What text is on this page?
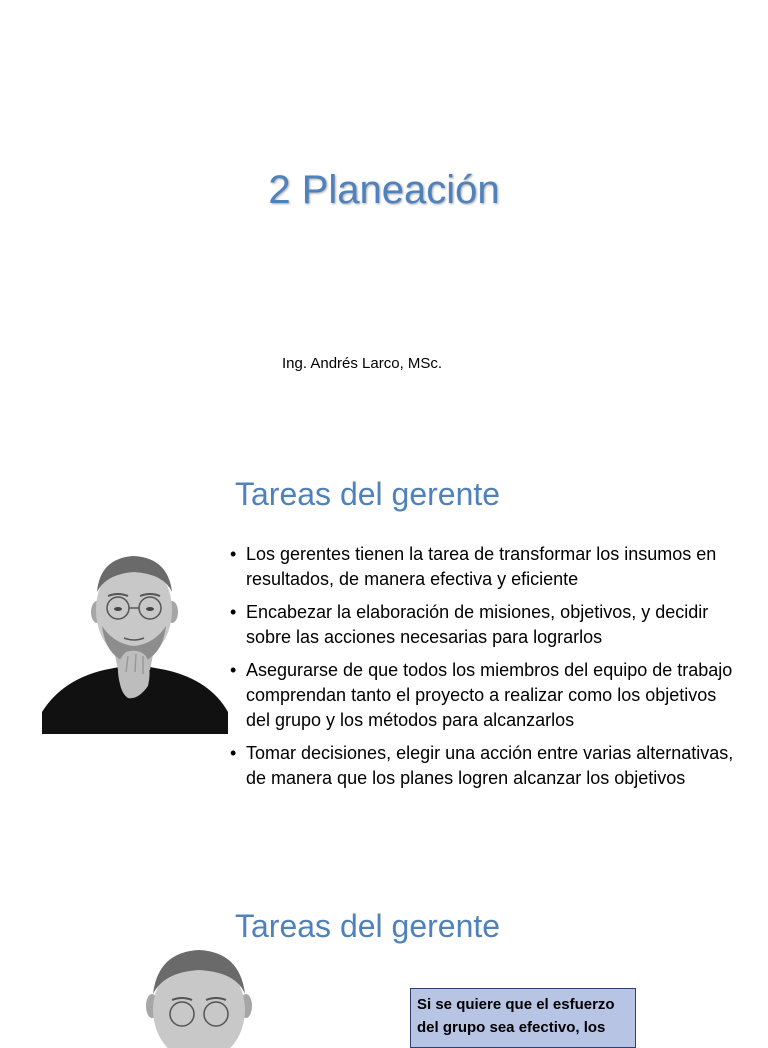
2 Planeación
Ing. Andrés Larco, MSc.
Tareas del gerente
• Los gerentes tienen la tarea de transformar los insumos en resultados, de manera efectiva y eficiente
• Encabezar la elaboración de misiones, objetivos, y decidir sobre las acciones necesarias para lograrlos
• Asegurarse de que todos los miembros del equipo de trabajo comprendan tanto el proyecto a realizar como los objetivos del grupo y los métodos para alcanzarlos
• Tomar decisiones, elegir una acción entre varias alternativas, de manera que los planes logren alcanzar los objetivos
Tareas del gerente
Si se quiere que el esfuerzo del grupo sea efectivo, los
